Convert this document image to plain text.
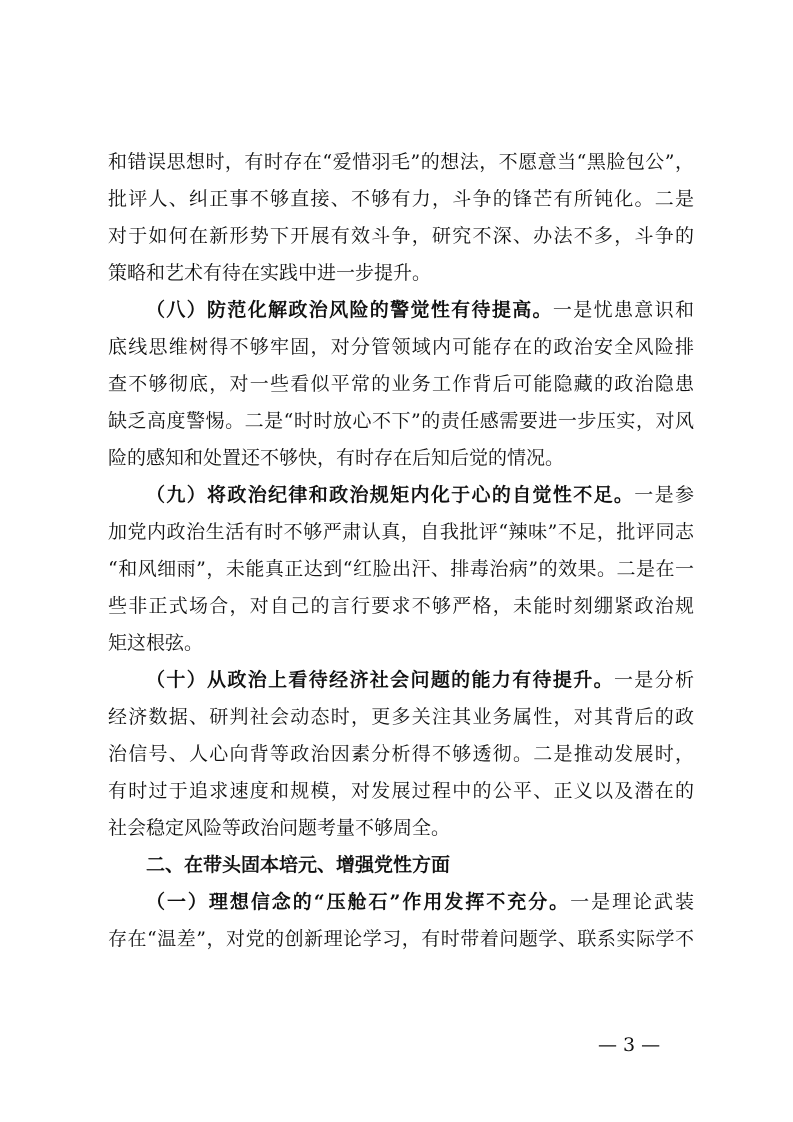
和错误思想时，有时存在“爱惜羽毛”的想法，不愿意当“黑脸包公”，
批评人、纠正事不够直接、不够有力，斗争的锋芒有所钝化。二是
对于如何在新形势下开展有效斗争，研究不深、办法不多，斗争的
策略和艺术有待在实践中进一步提升。
（八）防范化解政治风险的警觉性有待提高。一是忧患意识和
底线思维树得不够牢固，对分管领域内可能存在的政治安全风险排
查不够彻底，对一些看似平常的业务工作背后可能隐藏的政治隐患
缺乏高度警惕。二是“时时放心不下”的责任感需要进一步压实，对风
险的感知和处置还不够快，有时存在后知后觉的情况。
（九）将政治纪律和政治规矩内化于心的自觉性不足。一是参
加党内政治生活有时不够严肃认真，自我批评“辣味”不足，批评同志
“和风细雨”，未能真正达到“红脸出汗、排毒治病”的效果。二是在一
些非正式场合，对自己的言行要求不够严格，未能时刻绷紧政治规
矩这根弦。
（十）从政治上看待经济社会问题的能力有待提升。一是分析
经济数据、研判社会动态时，更多关注其业务属性，对其背后的政
治信号、人心向背等政治因素分析得不够透彻。二是推动发展时，
有时过于追求速度和规模，对发展过程中的公平、正义以及潜在的
社会稳定风险等政治问题考量不够周全。
二、在带头固本培元、增强党性方面
（一）理想信念的“压舱石”作用发挥不充分。一是理论武装
存在“温差”，对党的创新理论学习，有时带着问题学、联系实际学不
— 3 —
